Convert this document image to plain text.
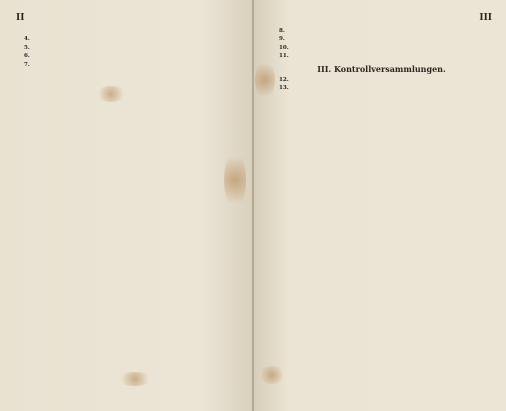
II

4.

5.

6.

7.

III

8.

9.

10.

11.

III. Kontrollversammlungen.

12.

13.
